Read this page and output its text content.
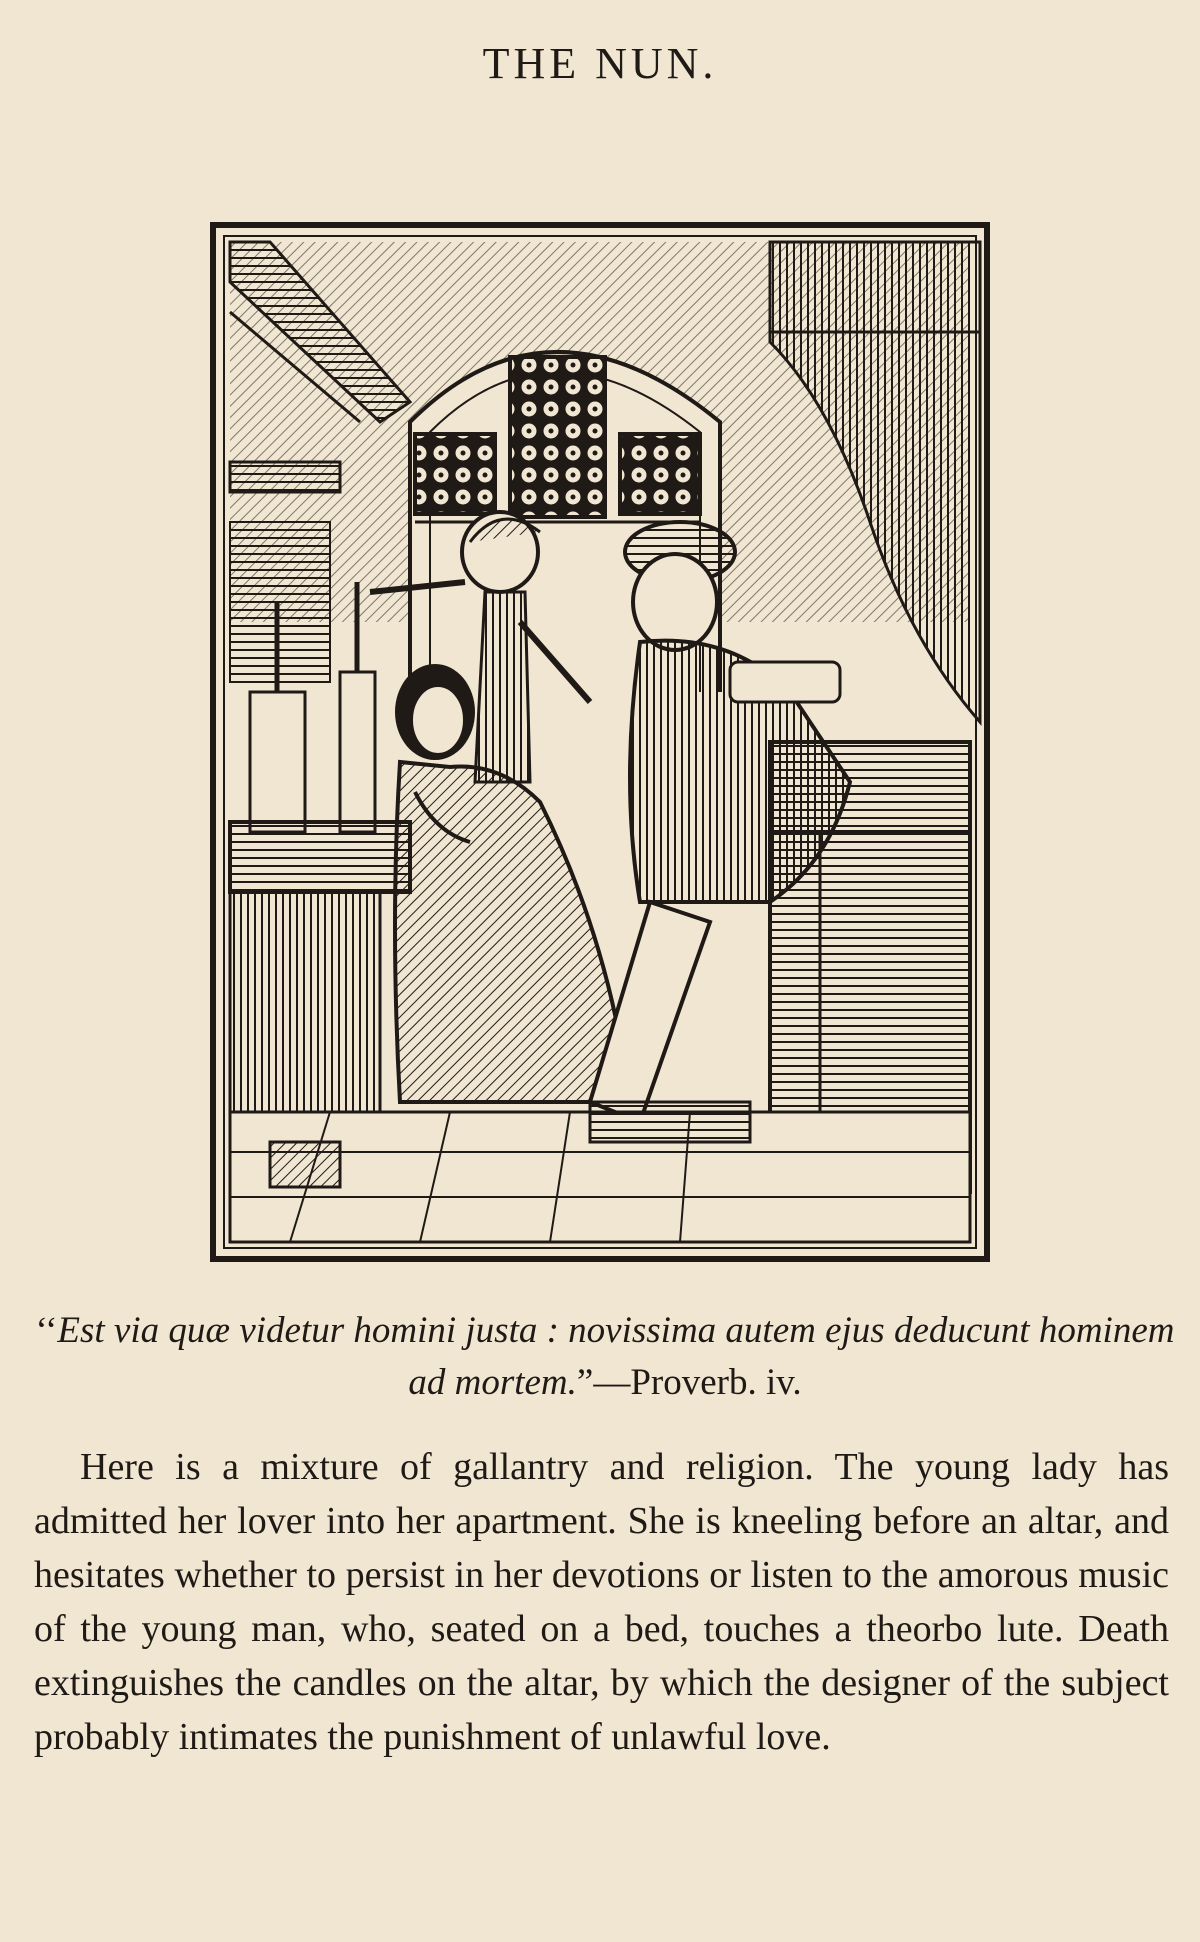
THE NUN.
‘‘Est via quæ videtur homini justa : novissima autem ejus deducunt hominem ad mortem.”—Proverb. iv.
Here is a mixture of gallantry and religion. The young lady has admitted her lover into her apartment. She is kneeling before an altar, and hesitates whether to persist in her devotions or listen to the amorous music of the young man, who, seated on a bed, touches a theorbo lute. Death extinguishes the candles on the altar, by which the designer of the subject probably intimates the punishment of unlawful love.
